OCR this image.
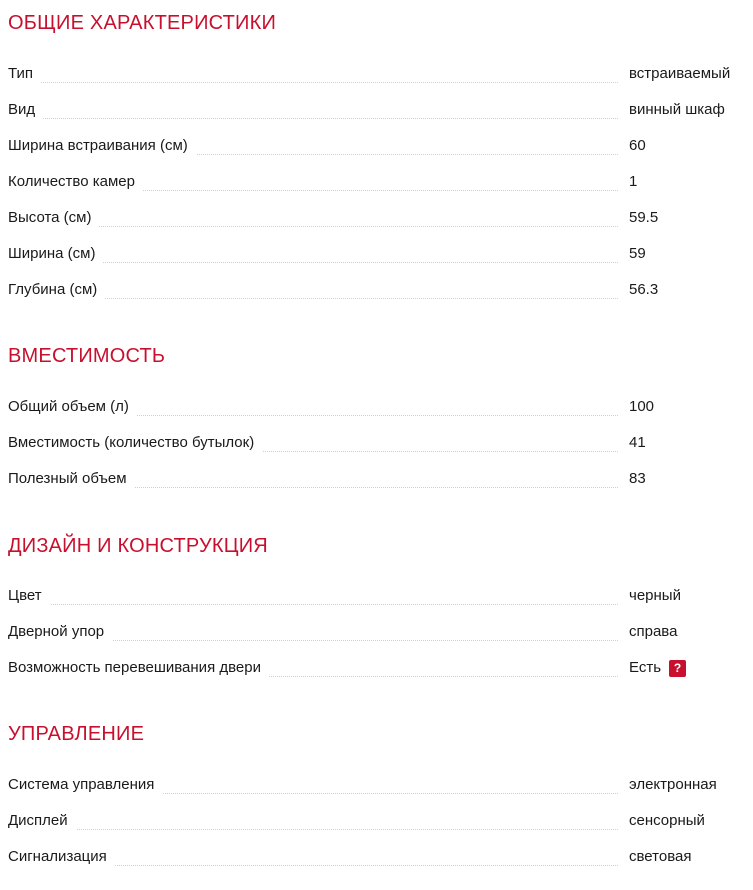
ОБЩИЕ ХАРАКТЕРИСТИКИ
Тип	встраиваемый
Вид	винный шкаф
Ширина встраивания (см)	60
Количество камер	1
Высота (см)	59.5
Ширина (см)	59
Глубина (см)	56.3
ВМЕСТИМОСТЬ
Общий объем (л)	100
Вместимость (количество бутылок)	41
Полезный объем	83
ДИЗАЙН И КОНСТРУКЦИЯ
Цвет	черный
Дверной упор	справа
Возможность перевешивания двери	Есть	?
УПРАВЛЕНИЕ
Система управления	электронная
Дисплей	сенсорный
Сигнализация	световая
